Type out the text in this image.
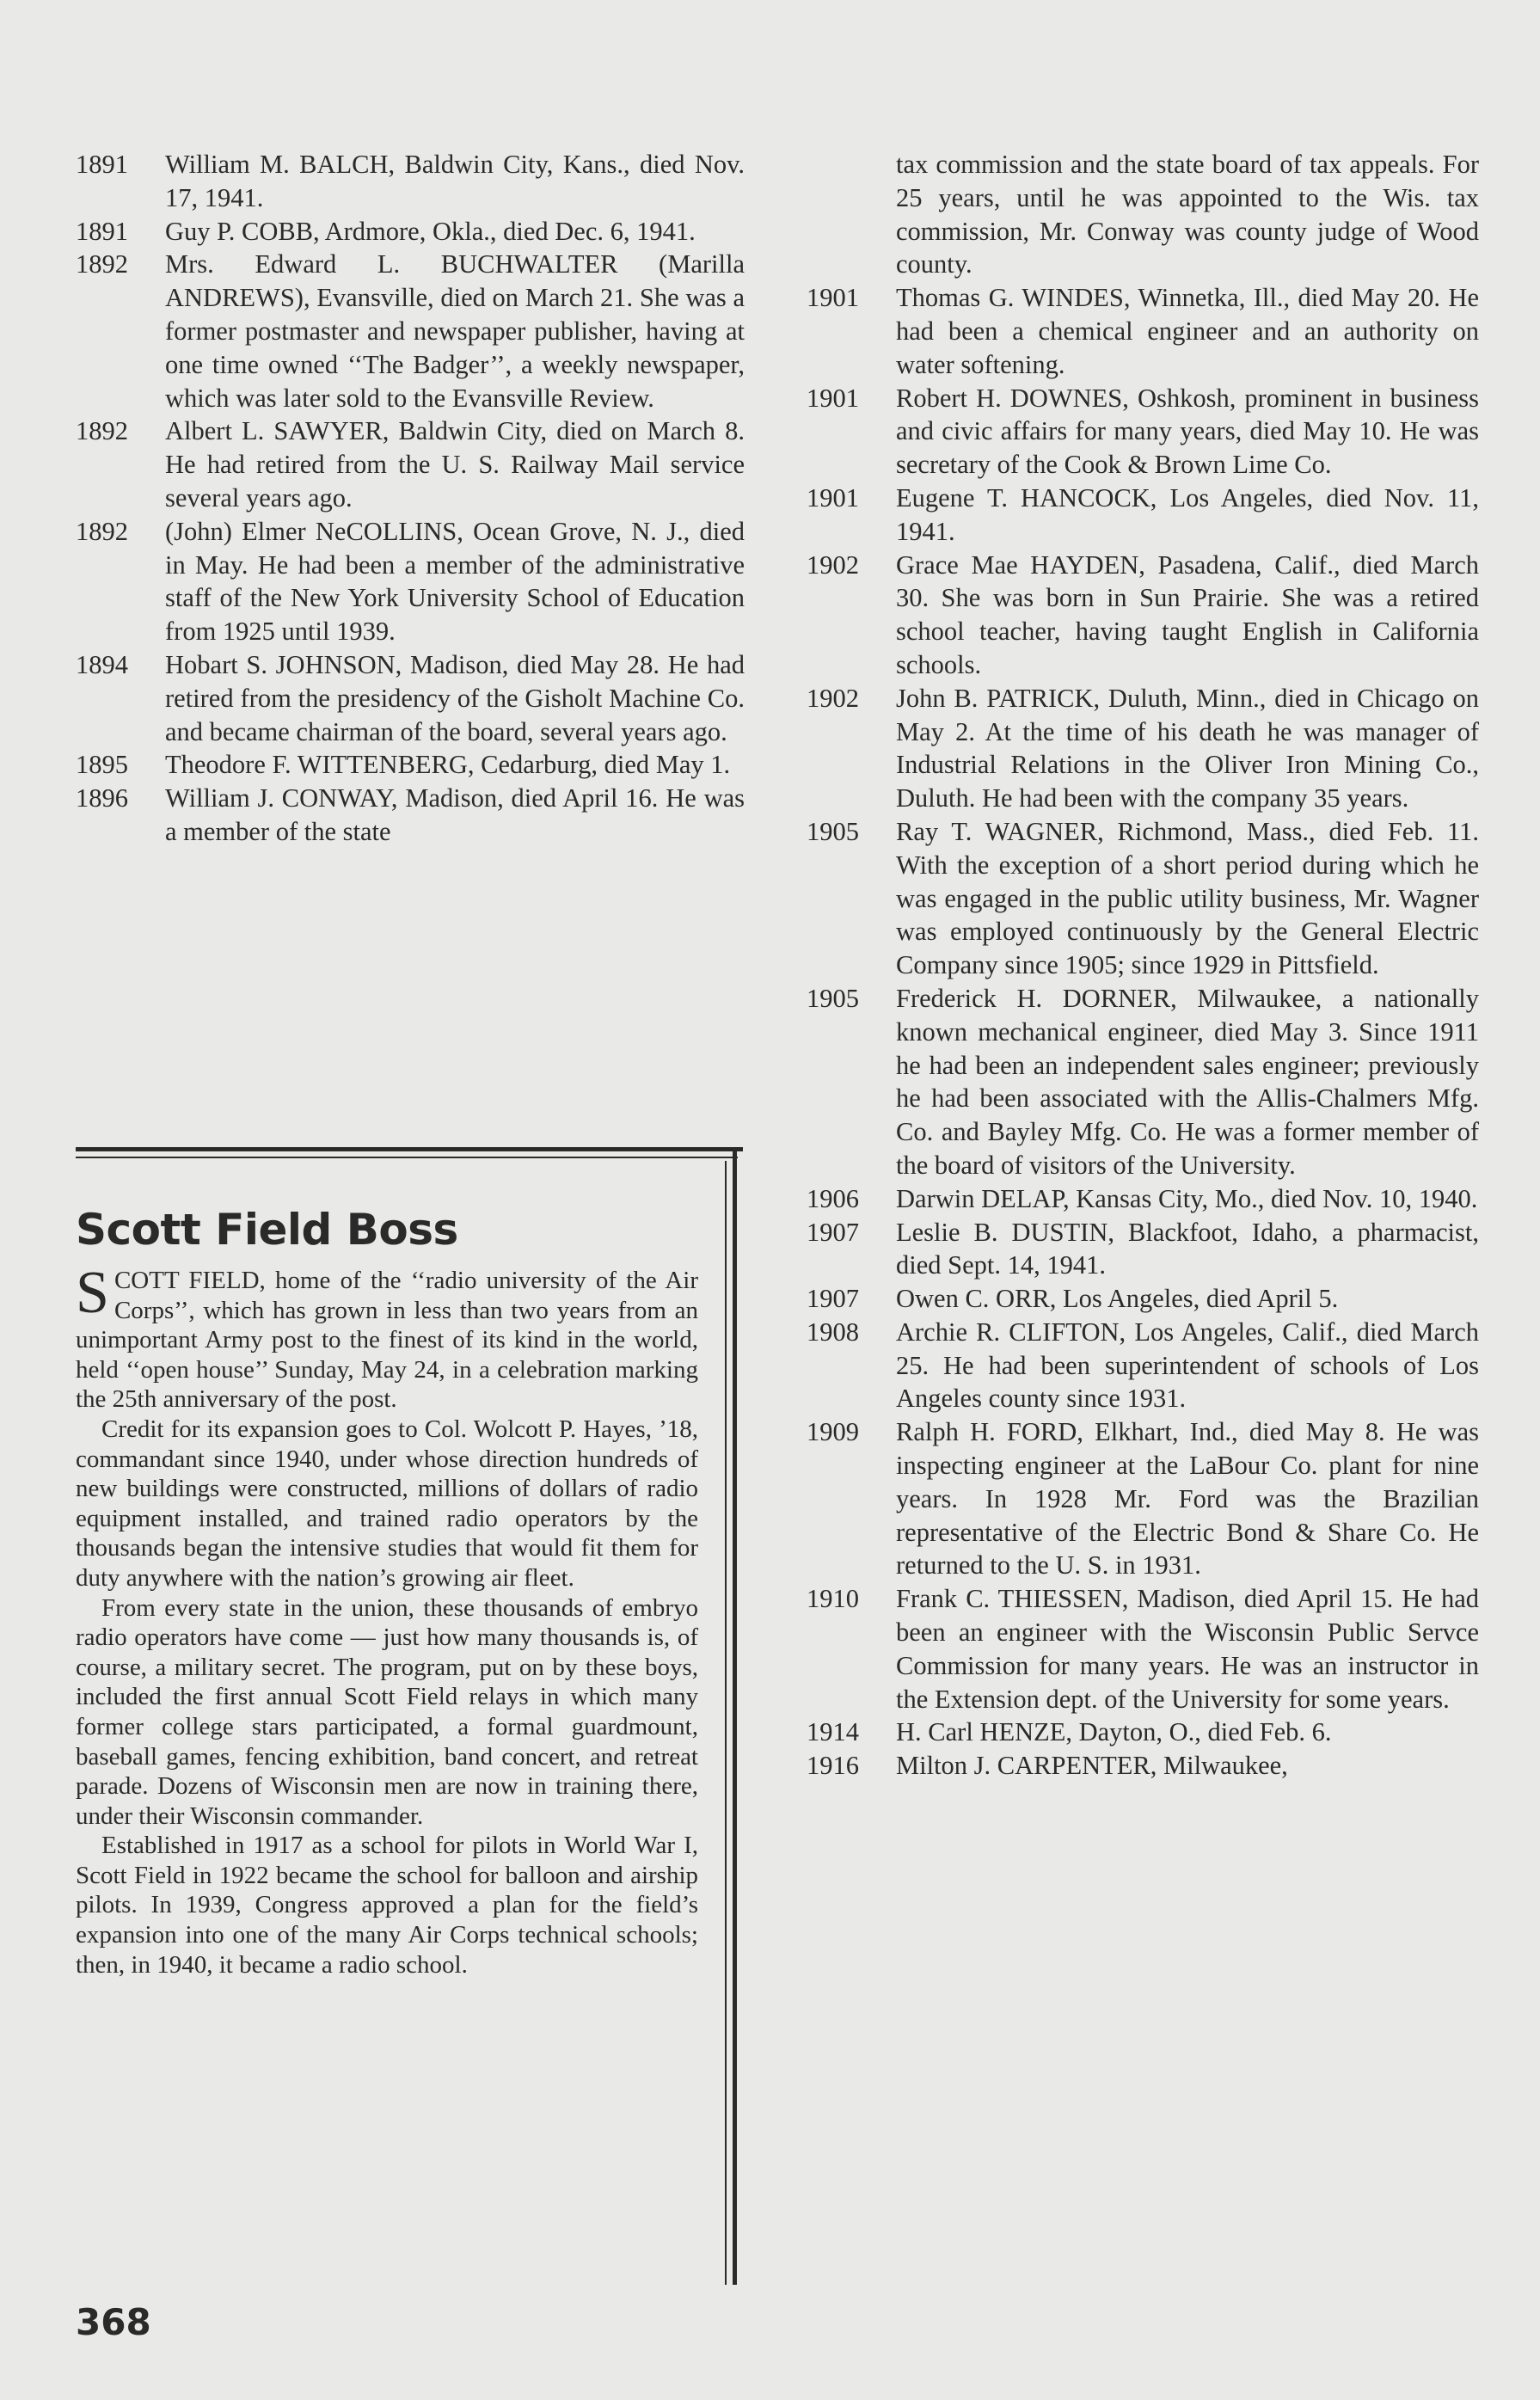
1891	William M. BALCH, Baldwin City, Kans., died Nov. 17, 1941.
1891	Guy P. COBB, Ardmore, Okla., died Dec. 6, 1941.
1892	Mrs. Edward L. BUCHWALTER (Marilla ANDREWS), Evansville, died on March 21. She was a former postmaster and newspaper publisher, having at one time owned ‘‘The Badger’’, a weekly newspaper, which was later sold to the Evansville Review.
1892	Albert L. SAWYER, Baldwin City, died on March 8. He had retired from the U. S. Railway Mail service several years ago.
1892	(John) Elmer NeCOLLINS, Ocean Grove, N. J., died in May. He had been a member of the administrative staff of the New York University School of Education from 1925 until 1939.
1894	Hobart S. JOHNSON, Madison, died May 28. He had retired from the presidency of the Gisholt Machine Co. and became chairman of the board, several years ago.
1895	Theodore F. WITTENBERG, Cedarburg, died May 1.
1896	William J. CONWAY, Madison, died April 16. He was a member of the state
Scott Field Boss

SCOTT FIELD, home of the ‘‘radio university of the Air Corps’’, which has grown in less than two years from an unimportant Army post to the finest of its kind in the world, held ‘‘open house’’ Sunday, May 24, in a celebration marking the 25th anniversary of the post.

Credit for its expansion goes to Col. Wolcott P. Hayes, ’18, commandant since 1940, under whose direction hundreds of new buildings were constructed, millions of dollars of radio equipment installed, and trained radio operators by the thousands began the intensive studies that would fit them for duty anywhere with the nation’s growing air fleet.

From every state in the union, these thousands of embryo radio operators have come — just how many thousands is, of course, a military secret. The program, put on by these boys, included the first annual Scott Field relays in which many former college stars participated, a formal guardmount, baseball games, fencing exhibition, band concert, and retreat parade. Dozens of Wisconsin men are now in training there, under their Wisconsin commander.

Established in 1917 as a school for pilots in World War I, Scott Field in 1922 became the school for balloon and airship pilots. In 1939, Congress approved a plan for the field’s expansion into one of the many Air Corps technical schools; then, in 1940, it became a radio school.

tax commission and the state board of tax appeals. For 25 years, until he was appointed to the Wis. tax commission, Mr. Conway was county judge of Wood county.
1901	Thomas G. WINDES, Winnetka, Ill., died May 20. He had been a chemical engineer and an authority on water softening.
1901	Robert H. DOWNES, Oshkosh, prominent in business and civic affairs for many years, died May 10. He was secretary of the Cook & Brown Lime Co.
1901	Eugene T. HANCOCK, Los Angeles, died Nov. 11, 1941.
1902	Grace Mae HAYDEN, Pasadena, Calif., died March 30. She was born in Sun Prairie. She was a retired school teacher, having taught English in California schools.
1902	John B. PATRICK, Duluth, Minn., died in Chicago on May 2. At the time of his death he was manager of Industrial Relations in the Oliver Iron Mining Co., Duluth. He had been with the company 35 years.
1905	Ray T. WAGNER, Richmond, Mass., died Feb. 11. With the exception of a short period during which he was engaged in the public utility business, Mr. Wagner was employed continuously by the General Electric Company since 1905; since 1929 in Pittsfield.
1905	Frederick H. DORNER, Milwaukee, a nationally known mechanical engineer, died May 3. Since 1911 he had been an independent sales engineer; previously he had been associated with the Allis-Chalmers Mfg. Co. and Bayley Mfg. Co. He was a former member of the board of visitors of the University.
1906	Darwin DELAP, Kansas City, Mo., died Nov. 10, 1940.
1907	Leslie B. DUSTIN, Blackfoot, Idaho, a pharmacist, died Sept. 14, 1941.
1907	Owen C. ORR, Los Angeles, died April 5.
1908	Archie R. CLIFTON, Los Angeles, Calif., died March 25. He had been superintendent of schools of Los Angeles county since 1931.
1909	Ralph H. FORD, Elkhart, Ind., died May 8. He was inspecting engineer at the LaBour Co. plant for nine years. In 1928 Mr. Ford was the Brazilian representative of the Electric Bond & Share Co. He returned to the U. S. in 1931.
1910	Frank C. THIESSEN, Madison, died April 15. He had been an engineer with the Wisconsin Public Servce Commission for many years. He was an instructor in the Extension dept. of the University for some years.
1914	H. Carl HENZE, Dayton, O., died Feb. 6.
1916	Milton J. CARPENTER, Milwaukee,
368
